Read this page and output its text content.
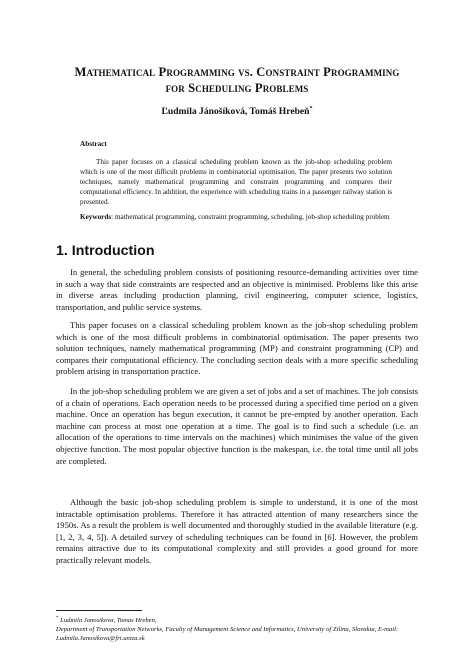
Mathematical Programming vs. Constraint Programming
for Scheduling Problems
Ľudmila Jánošíková, Tomáš Hrebeň*
Abstract
This paper focuses on a classical scheduling problem known as the job-shop scheduling problem which is one of the most difficult problems in combinatorial optimisation. The paper presents two solution techniques, namely mathematical programming and constraint programming and compares their computational efficiency. In addition, the experience with scheduling trains in a passenger railway station is presented.
Keywords: mathematical programming, constraint programming, scheduling, job-shop scheduling problem
1. Introduction
In general, the scheduling problem consists of positioning resource-demanding activities over time in such a way that side constraints are respected and an objective is minimised. Problems like this arise in diverse areas including production planning, civil engineering, computer science, logistics, transportation, and public service systems.
This paper focuses on a classical scheduling problem known as the job-shop scheduling problem which is one of the most difficult problems in combinatorial optimisation. The paper presents two solution techniques, namely mathematical programming (MP) and constraint programming (CP) and compares their computational efficiency. The concluding section deals with a more specific scheduling problem arising in transportation practice.
In the job-shop scheduling problem we are given a set of jobs and a set of machines. The job consists of a chain of operations. Each operation needs to be processed during a specified time period on a given machine. Once an operation has begun execution, it cannot be pre-empted by another operation. Each machine can process at most one operation at a time. The goal is to find such a schedule (i.e. an allocation of the operations to time intervals on the machines) which minimises the value of the given objective function. The most popular objective function is the makespan, i.e. the total time until all jobs are completed.
Although the basic job-shop scheduling problem is simple to understand, it is one of the most intractable optimisation problems. Therefore it has attracted attention of many researchers since the 1950s. As a result the problem is well documented and thoroughly studied in the available literature (e.g. [1, 2, 3, 4, 5]). A detailed survey of scheduling techniques can be found in [6]. However, the problem remains attractive due to its computational complexity and still provides a good ground for more practically relevant models.
* Ludmila Janosikova, Tomas Hreben,
Department of Transportation Networks, Faculty of Management Science and Informatics, University of Zilina, Slovakia, E-mail: Ludmila.Janosikova@fri.uniza.sk
